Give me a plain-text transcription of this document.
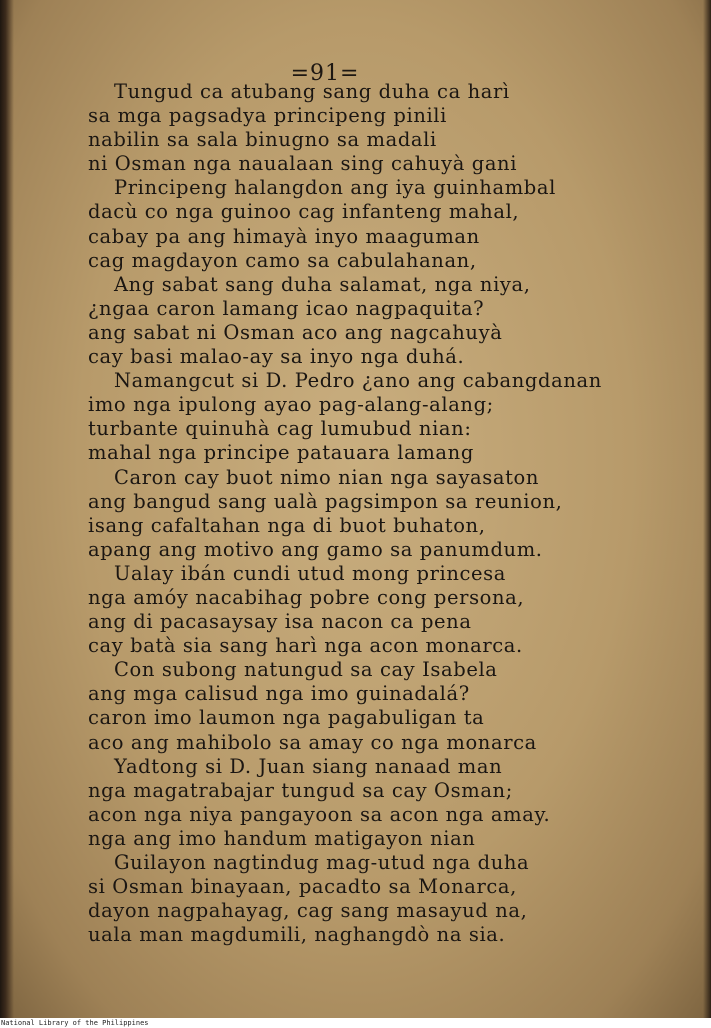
=91=
Tungud ca atubang sang duha ca harì
sa mga pagsadya principeng pinili
nabilin sa sala binugno sa madali
ni Osman nga naualaan sing cahuyà gani
Principeng halangdon ang iya guinhambal
dacù co nga guinoo cag infanteng mahal,
cabay pa ang himayà inyo maaguman
cag magdayon camo sa cabulahanan,
Ang sabat sang duha salamat, nga niya,
¿ngaa caron lamang icao nagpaquita?
ang sabat ni Osman aco ang nagcahuyà
cay basi malao-ay sa inyo nga duhá.
Namangcut si D. Pedro ¿ano ang cabangdanan
imo nga ipulong ayao pag-alang-alang;
turbante quinuhà cag lumubud nian:
mahal nga principe patauara lamang
Caron cay buot nimo nian nga sayasaton
ang bangud sang ualà pagsimpon sa reunion,
isang cafaltahan nga di buot buhaton,
apang ang motivo ang gamo sa panumdum.
Ualay ibán cundi utud mong princesa
nga amóy nacabihag pobre cong persona,
ang di pacasaysay isa nacon ca pena
cay batà sia sang harì nga acon monarca.
Con subong natungud sa cay Isabela
ang mga calisud nga imo guinadalá?
caron imo laumon nga pagabuligan ta
aco ang mahibolo sa amay co nga monarca
Yadtong si D. Juan siang nanaad man
nga magatrabajar tungud sa cay Osman;
acon nga niya pangayoon sa acon nga amay.
nga ang imo handum matigayon nian
Guilayon nagtindug mag-utud nga duha
si Osman binayaan, pacadto sa Monarca,
dayon nagpahayag, cag sang masayud na,
uala man magdumili, naghangdò na sia.
National Library of the Philippines
